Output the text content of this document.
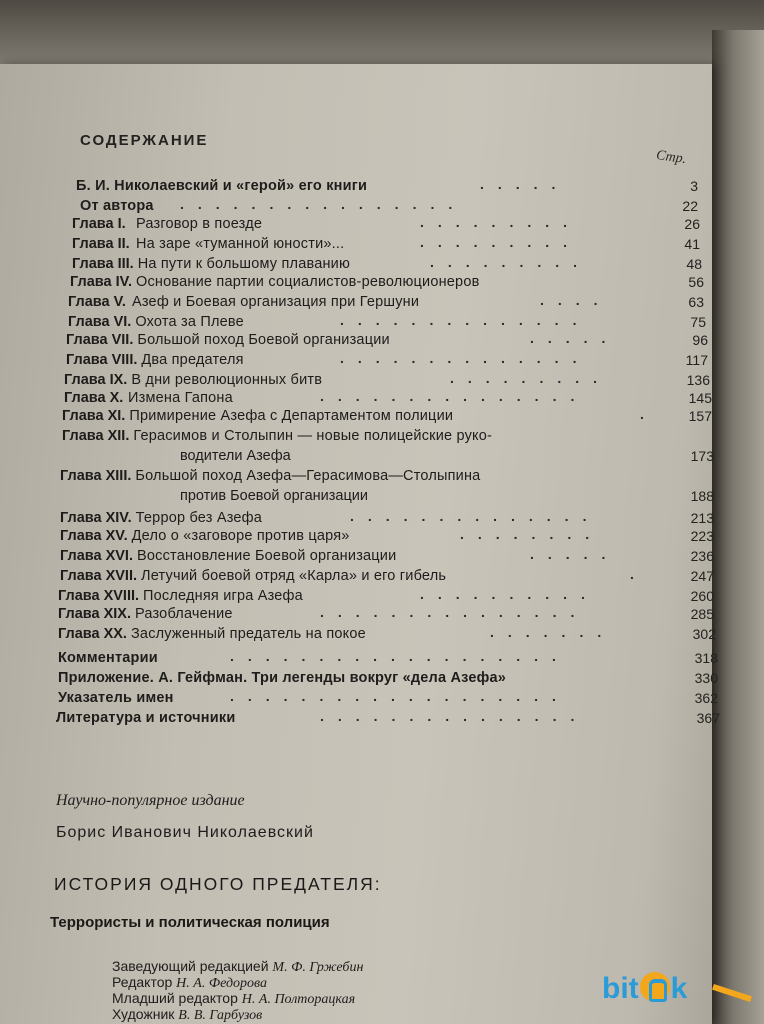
СОДЕРЖАНИЕ
Стр.
Б. И. Николаевский и «герой» его книги	.....	3
От автора ................	22
Глава I. Разговор в поезде	.........	26
Глава II. На заре «туманной юности»...	.........	41
Глава III. На пути к большому плаванию	.........	48
Глава IV. Основание партии социалистов-революционеров	56
Глава V. Азеф и Боевая организация при Гершуни	....	63
Глава VI. Охота за Плеве	..............	75
Глава VII. Большой поход Боевой организации	.....	96
Глава VIII. Два предателя	..............	117
Глава IX. В дни революционных битв	.........	136
Глава X. Измена Гапона	...............	145
Глава XI. Примирение Азефа с Департаментом полиции	.	157
Глава XII. Герасимов и Столыпин — новые полицейские руко-
водители Азефа	173
Глава XIII. Большой поход Азефа—Герасимова—Столыпина
против Боевой организации	188
Глава XIV. Террор без Азефа	..............	213
Глава XV. Дело о «заговоре против царя»	........	223
Глава XVI. Восстановление Боевой организации	.....	236
Глава XVII. Летучий боевой отряд «Карла» и его гибель	.	247
Глава XVIII. Последняя игра Азефа	..........	260
Глава XIX. Разоблачение	...............	285
Глава XX. Заслуженный предатель на покое	.......	302
Комментарии	...................	318
Приложение. А. Гейфман. Три легенды вокруг «дела Азефа»	330
Указатель имен	...................	362
Литература и источники	...............	367
Научно-популярное издание
Борис Иванович Николаевский
ИСТОРИЯ ОДНОГО ПРЕДАТЕЛЯ:
Террористы и политическая полиция
Заведующий редакцией М. Ф. Гржебин
Редактор Н. А. Федорова
Младший редактор Н. А. Полторацкая
Художник В. В. Гарбузов
bit k
